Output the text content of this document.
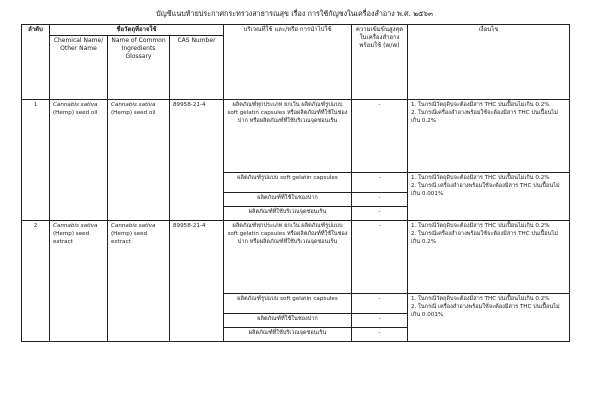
บัญชีแนบท้ายประกาศกระทรวงสาธารณสุข เรื่อง การใช้กัญชงในเครื่องสำอาง พ.ศ. ๒๕๖๓
ลำดับ	ชื่อวัตถุที่อาจใช้			บริเวณที่ใช้ และ/หรือ การนำไปใช้	ความเข้มข้นสูงสุดในเครื่องสำอางพร้อมใช้ (w/w)	เงื่อนไข
	Chemical Name/ Other Name	Name of Common Ingredients Glossary	CAS Number			
1	Cannabis sativa (Hemp) seed oil	Cannabis sativa (Hemp) seed oil	89958-21-4	ผลิตภัณฑ์ทุกประเภท ยกเว้น ผลิตภัณฑ์รูปแบบ soft gelatin capsules หรือผลิตภัณฑ์ที่ใช้ในช่องปาก หรือผลิตภัณฑ์ที่ใช้บริเวณจุดซ่อนเร้น	-	1. ในกรณีวัตถุดิบจะต้องมีสาร THC ปนเปื้อนไม่เกิน 0.2%
2. ในกรณีเครื่องสำอางพร้อมใช้จะต้องมีสาร THC ปนเปื้อนไม่เกิน 0.2%

				ผลิตภัณฑ์รูปแบบ soft gelatin capsules	-	1. ในกรณีวัตถุดิบจะต้องมีสาร THC ปนเปื้อนไม่เกิน 0.2%
2. ในกรณี เครื่องสำอางพร้อมใช้จะต้องมีสาร THC ปนเปื้อนไม่เกิน 0.001%

				ผลิตภัณฑ์ที่ใช้ในช่องปาก	-	
				ผลิตภัณฑ์ที่ใช้บริเวณจุดซ่อนเร้น	-	
2	Cannabis sativa (Hemp) seed extract	Cannabis sativa (Hemp) seed extract	89958-21-4	ผลิตภัณฑ์ทุกประเภท ยกเว้น ผลิตภัณฑ์รูปแบบ soft gelatin capsules หรือผลิตภัณฑ์ที่ใช้ในช่องปาก หรือผลิตภัณฑ์ที่ใช้บริเวณจุดซ่อนเร้น	-	1. ในกรณีวัตถุดิบจะต้องมีสาร THC ปนเปื้อนไม่เกิน 0.2%
2. ในกรณีเครื่องสำอางพร้อมใช้จะต้องมีสาร THC ปนเปื้อนไม่เกิน 0.2%

				ผลิตภัณฑ์รูปแบบ soft gelatin capsules	-	1. ในกรณีวัตถุดิบจะต้องมีสาร THC ปนเปื้อนไม่เกิน 0.2%
2. ในกรณี เครื่องสำอางพร้อมใช้จะต้องมีสาร THC ปนเปื้อนไม่เกิน 0.001%

				ผลิตภัณฑ์ที่ใช้ในช่องปาก	-	
				ผลิตภัณฑ์ที่ใช้บริเวณจุดซ่อนเร้น	-	
